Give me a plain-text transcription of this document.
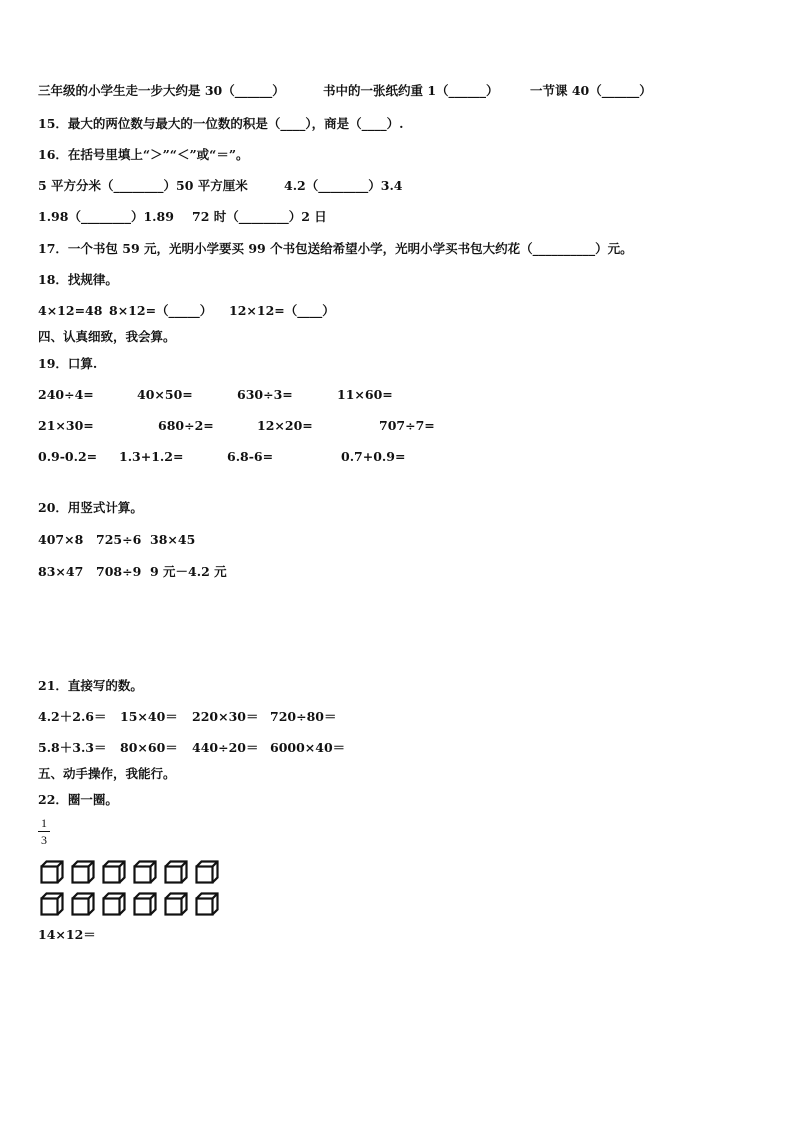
三年级的小学生走一步大约是 30（______）	书中的一张纸约重 1（______）	一节课 40（______）
15．最大的两位数与最大的一位数的积是（____），商是（____）.
16．在括号里填上“＞”“＜”或“＝”。
5 平方分米（________）50 平方厘米	4.2（________）3.4
1.98（________）1.89 72 时（________）2 日
17．一个书包 59 元，光明小学要买 99 个书包送给希望小学，光明小学买书包大约花（__________）元。
18．找规律。
4×12=48 8×12=（_____） 12×12=（____）
四、认真细致，我会算。
19．口算.
240÷4=	40×50=	630÷3=	11×60=
21×30=	680÷2=	12×20=	707÷7=
0.9-0.2= 1.3+1.2=	6.8-6=	0.7+0.9=
20．用竖式计算。
407×8 725÷6 38×45
83×47 708÷9 9 元－4.2 元
21．直接写的数。
4.2＋2.6＝ 15×40＝ 220×30＝ 720÷80＝
5.8＋3.3＝ 80×60＝ 440÷20＝ 6000×40＝
五、动手操作，我能行。
22．圈一圈。
1
3
14×12＝
